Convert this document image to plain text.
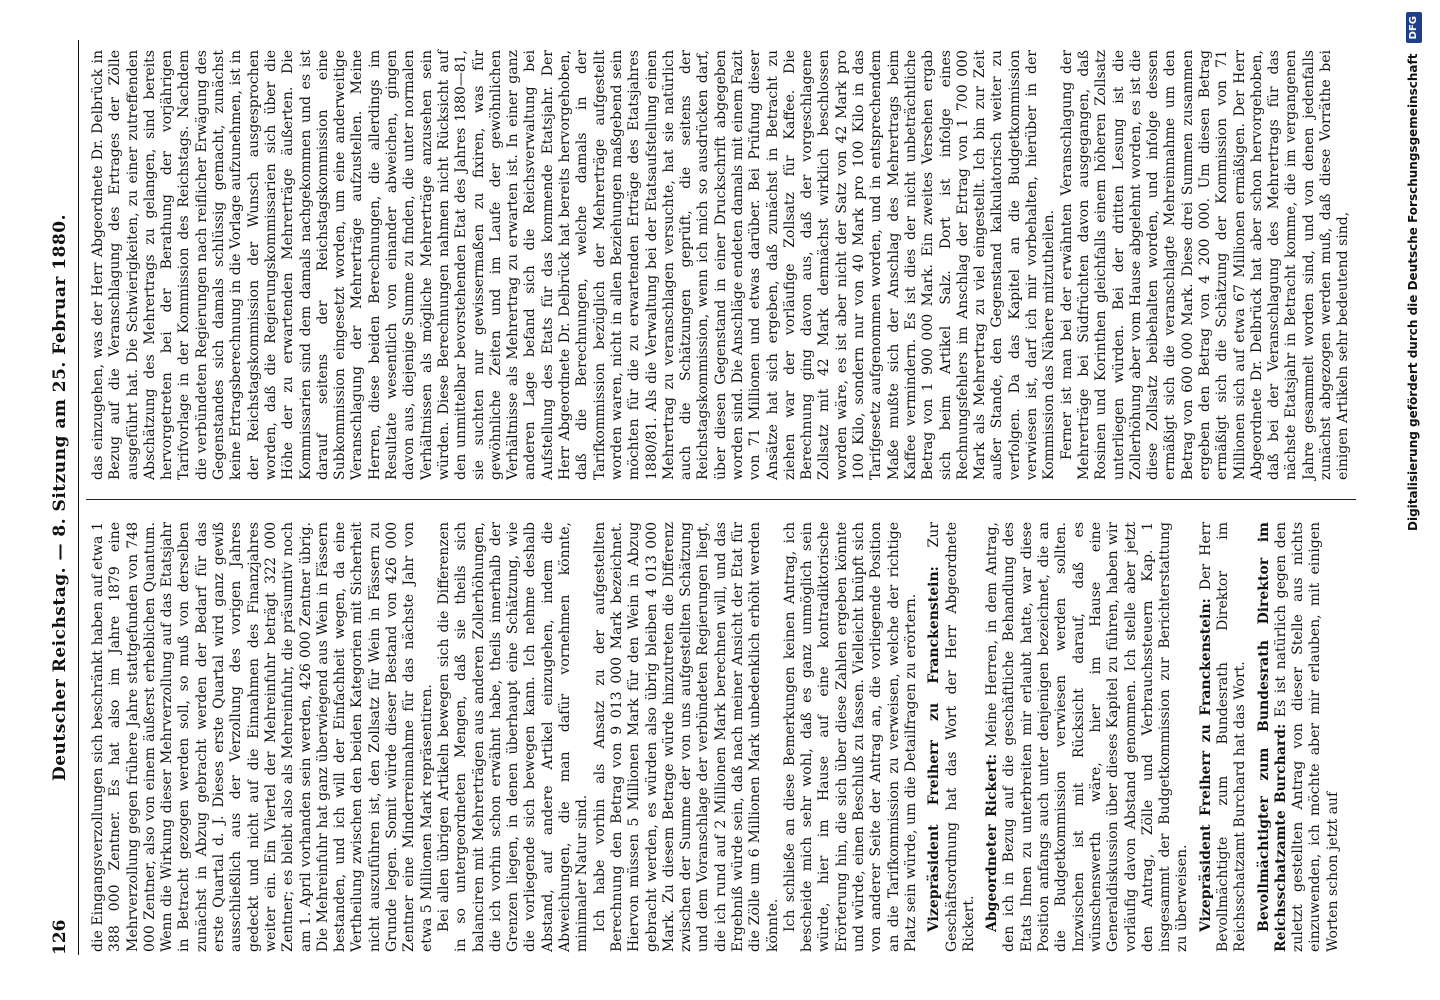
126
Deutscher Reichstag. — 8. Sitzung am 25. Februar 1880. die Eingangsverzollungen sich beschränkt haben auf etwa 1 388 000 Zentner. Es hat also im Jahre 1879 eine Mehrverzollung gegen frühere Jahre stattgefunden von 748 000 Zentner, also von einem äußerst erheblichen Quantum. Wenn die Wirkung dieser Mehrverzollung auf das Etatsjahr in Betracht gezogen werden soll, so muß von derselben zunächst in Abzug gebracht werden der Bedarf für das erste Quartal d. J. Dieses erste Quartal wird ganz gewiß ausschließlich aus der Verzollung des vorigen Jahres gedeckt und nicht auf die Einnahmen des Finanzjahres weiter ein. Ein Viertel der Mehreinfuhr beträgt 322 000 Zentner; es bleibt also als Mehreinfuhr, die präsumtiv noch am 1. April vorhanden sein werden, 426 000 Zentner übrig. Die Mehreinfuhr hat ganz überwiegend aus Wein in Fässern bestanden, und ich will der Einfachheit wegen, da eine Vertheilung zwischen den beiden Kategorien mit Sicherheit nicht auszuführen ist, den Zollsatz für Wein in Fässern zu Grunde legen. Somit würde dieser Bestand von 426 000 Zentner eine Minderreinnahme für das nächste Jahr von etwa 5 Millionen Mark repräsentiren. Bei allen übrigen Artikeln bewegen sich die Differenzen in so untergeordneten Mengen, daß sie theils sich balanciren mit Mehrerträgen aus anderen Zollerhöhungen, die ich vorhin schon erwähnt habe, theils innerhalb der Grenzen liegen, in denen überhaupt eine Schätzung, wie die vorliegende sich bewegen kann. Ich nehme deshalb Abstand, auf andere Artikel einzugehen, indem die Abweichungen, die man dafür vornehmen könnte, minimaler Natur sind. Ich habe vorhin als Ansatz zu der aufgestellten Berechnung den Betrag von 9 013 000 Mark bezeichnet. Hiervon müssen 5 Millionen Mark für den Wein in Abzug gebracht werden, es würden also übrig bleiben 4 013 000 Mark. Zu diesem Betrage würde hinzutreten die Differenz zwischen der Summe der von uns aufgestellten Schätzung und dem Voranschlage der verbündeten Regierungen liegt, die ich rund auf 2 Millionen Mark berechnen will, und das Ergebniß würde sein, daß nach meiner Ansicht der Etat für die Zölle um 6 Millionen Mark unbedenklich erhöht werden könnte. Ich schließe an diese Bemerkungen keinen Antrag, ich bescheide mich sehr wohl, daß es ganz unmöglich sein würde, hier im Hause auf eine kontradiktorische Erörterung hin, die sich über diese Zahlen ergeben könnte und würde, einen Beschluß zu fassen. Vielleicht knüpft sich von anderer Seite der Antrag an, die vorliegende Position an die Tarifkommission zu verweisen, welche der richtige Platz sein würde, um die Detailfragen zu erörtern. Vizepräsident Freiherr zu Franckenstein: Zur Geschäftsordnung hat das Wort der Herr Abgeordnete Rickert. Abgeordneter Rickert: Meine Herren, in dem Antrag, den ich in Bezug auf die geschäftliche Behandlung des Etats Ihnen zu unterbreiten mir erlaubt hatte, war diese Position anfangs auch unter denjenigen bezeichnet, die an die Budgetkommission verwiesen werden sollten. Inzwischen ist mit Rücksicht darauf, daß es wünschenswerth wäre, hier im Hause eine Generaldiskussion über dieses Kapitel zu führen, haben wir vorläufig davon Abstand genommen. Ich stelle aber jetzt den Antrag, Zölle und Verbrauchssteuern Kap. 1 insgesammt der Budgetkommission zur Berichterstattung zu überweisen. Vizepräsident Freiherr zu Franckenstein: Der Herr Bevollmächtigte zum Bundesrath Direktor im Reichsschatzamt Burchard hat das Wort. Bevollmächtigter zum Bundesrath Direktor im Reichsschatzamte Burchard: Es ist natürlich gegen den zuletzt gestellten Antrag von dieser Stelle aus nichts einzuwenden, ich möchte aber mir erlauben, mit einigen Worten schon jetzt auf

das einzugehen, was der Herr Abgeordnete Dr. Delbrück in Bezug auf die Veranschlagung des Ertrages der Zölle ausgeführt hat. Die Schwierigkeiten, zu einer zutreffenden Abschätzung des Mehrertrags zu gelangen, sind bereits hervorgetreten bei der Berathung der vorjährigen Tarifvorlage in der Kommission des Reichstags. Nachdem die verbündeten Regierungen nach reiflicher Erwägung des Gegenstandes sich damals schlüssig gemacht, zunächst keine Ertragsberechnung in die Vorlage aufzunehmen, ist in der Reichstagskommission der Wunsch ausgesprochen worden, daß die Regierungskommissarien sich über die Höhe der zu erwartenden Mehrerträge äußerten. Die Kommissarien sind dem damals nachgekommen und es ist darauf seitens der Reichstagskommission eine Subkommission eingesetzt worden, um eine anderweitige Veranschlagung der Mehrerträge aufzustellen. Meine Herren, diese beiden Berechnungen, die allerdings im Resultate wesentlich von einander abweichen, gingen davon aus, diejenige Summe zu finden, die unter normalen Verhältnissen als mögliche Mehrerträge anzusehen sein würden. Diese Berechnungen nahmen nicht Rücksicht auf den unmittelbar bevorstehenden Etat des Jahres 1880—81, sie suchten nur gewissermaßen zu fixiren, was für gewöhnliche Zeiten und im Laufe der gewöhnlichen Verhältnisse als Mehrertrag zu erwarten ist. In einer ganz anderen Lage befand sich die Reichsverwaltung bei Aufstellung des Etats für das kommende Etatsjahr. Der Herr Abgeordnete Dr. Delbrück hat bereits hervorgehoben, daß die Berechnungen, welche damals in der Tarifkommission bezüglich der Mehrerträge aufgestellt worden waren, nicht in allen Beziehungen maßgebend sein möchten für die zu erwartenden Erträge des Etatsjahres 1880/81. Als die Verwaltung bei der Etatsaufstellung einen Mehrertrag zu veranschlagen versuchte, hat sie natürlich auch die Schätzungen geprüft, die seitens der Reichstagskommission, wenn ich mich so ausdrücken darf, über diesen Gegenstand in einer Druckschrift abgegeben worden sind. Die Anschläge endeten damals mit einem Fazit von 71 Millionen und etwas darüber. Bei Prüfung dieser Ansätze hat sich ergeben, daß zunächst in Betracht zu ziehen war der vorläufige Zollsatz für Kaffee. Die Berechnung ging davon aus, daß der vorgeschlagene Zollsatz mit 42 Mark demnächst wirklich beschlossen worden wäre, es ist aber nicht der Satz von 42 Mark pro 100 Kilo, sondern nur von 40 Mark pro 100 Kilo in das Tarifgesetz aufgenommen worden, und in entsprechendem Maße mußte sich der Anschlag des Mehrertrags beim Kaffee vermindern. Es ist dies der nicht unbeträchtliche Betrag von 1 900 000 Mark. Ein zweites Versehen ergab sich beim Artikel Salz. Dort ist infolge eines Rechnungsfehlers im Anschlag der Ertrag von 1 700 000 Mark als Mehrertrag zu viel eingestellt. Ich bin zur Zeit außer Stande, den Gegenstand kalkulatorisch weiter zu verfolgen. Da das Kapitel an die Budgetkommission verwiesen ist, darf ich mir vorbehalten, hierüber in der Kommission das Nähere mitzutheilen. Ferner ist man bei der erwähnten Veranschlagung der Mehrerträge bei Südfrüchten davon ausgegangen, daß Rosinen und Korinthen gleichfalls einem höheren Zollsatz unterliegen würden. Bei der dritten Lesung ist die Zollerhöhung aber vom Hause abgelehnt worden, es ist die diese Zollsatz beibehalten worden, und infolge dessen ermäßigt sich die veranschlagte Mehreinnahme um den Betrag von 600 000 Mark. Diese drei Summen zusammen ergeben den Betrag von 4 200 000. Um diesen Betrag ermäßigt sich die Schätzung der Kommission von 71 Millionen sich auf etwa 67 Millionen ermäßigen. Der Herr Abgeordnete Dr. Delbrück hat aber schon hervorgehoben, daß bei der Veranschlagung des Mehrertrags für das nächste Etatsjahr in Betracht komme, die im vergangenen Jahre gesammelt worden sind, und von denen jedenfalls zunächst abgezogen werden muß, daß diese Vorräthe bei einigen Artikeln sehr bedeutend sind,	Digitalisierung gefördert durch die Deutsche Forschungsgemeinschaft DFG
